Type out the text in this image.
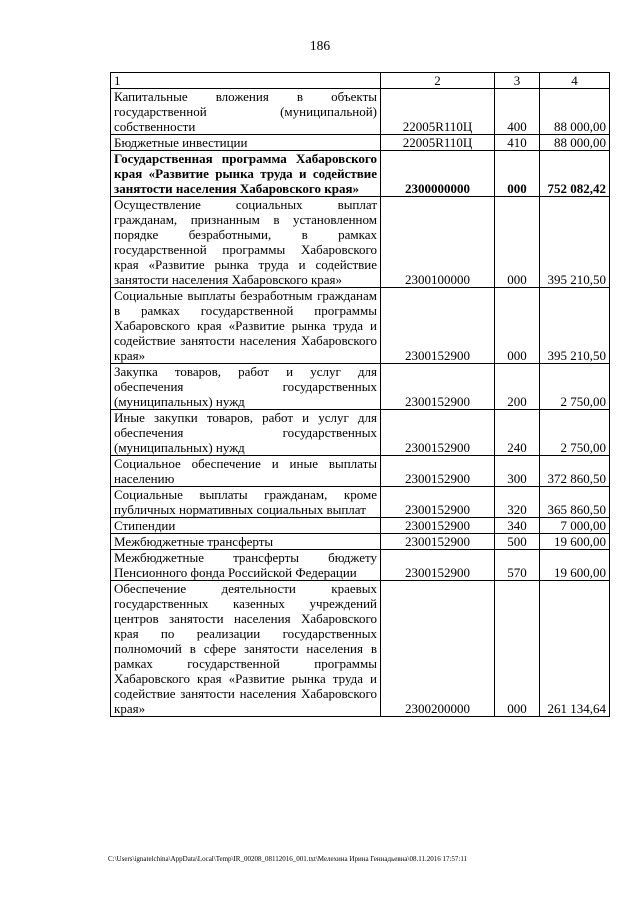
186
1	2	3	4
Капитальные вложения в объекты государственной (муниципальной) собственности	22005R110Ц	400	88 000,00
Бюджетные инвестиции	22005R110Ц	410	88 000,00
Государственная программа Хабаровского края «Развитие рынка труда и содействие занятости населения Хабаровского края»	2300000000	000	752 082,42
Осуществление социальных выплат гражданам, признанным в установленном порядке безработными, в рамках государственной программы Хабаровского края «Развитие рынка труда и содействие занятости населения Хабаровского края»	2300100000	000	395 210,50
Социальные выплаты безработным гражданам в рамках государственной программы Хабаровского края «Развитие рынка труда и содействие занятости населения Хабаровского края»	2300152900	000	395 210,50
Закупка товаров, работ и услуг для обеспечения государственных (муниципальных) нужд	2300152900	200	2 750,00
Иные закупки товаров, работ и услуг для обеспечения государственных (муниципальных) нужд	2300152900	240	2 750,00
Социальное обеспечение и иные выплаты населению	2300152900	300	372 860,50
Социальные выплаты гражданам, кроме публичных нормативных социальных выплат	2300152900	320	365 860,50
Стипендии	2300152900	340	7 000,00
Межбюджетные трансферты	2300152900	500	19 600,00
Межбюджетные трансферты бюджету Пенсионного фонда Российской Федерации	2300152900	570	19 600,00
Обеспечение деятельности краевых государственных казенных учреждений центров занятости населения Хабаровского края по реализации государственных полномочий в сфере занятости населения в рамках государственной программы Хабаровского края «Развитие рынка труда и содействие занятости населения Хабаровского края»	2300200000	000	261 134,64
C:\Users\ignatelchina\AppData\Local\Temp\IR_00208_08112016_001.txt\Мелехина Ирина Геннадьевна\08.11.2016 17:57:11
